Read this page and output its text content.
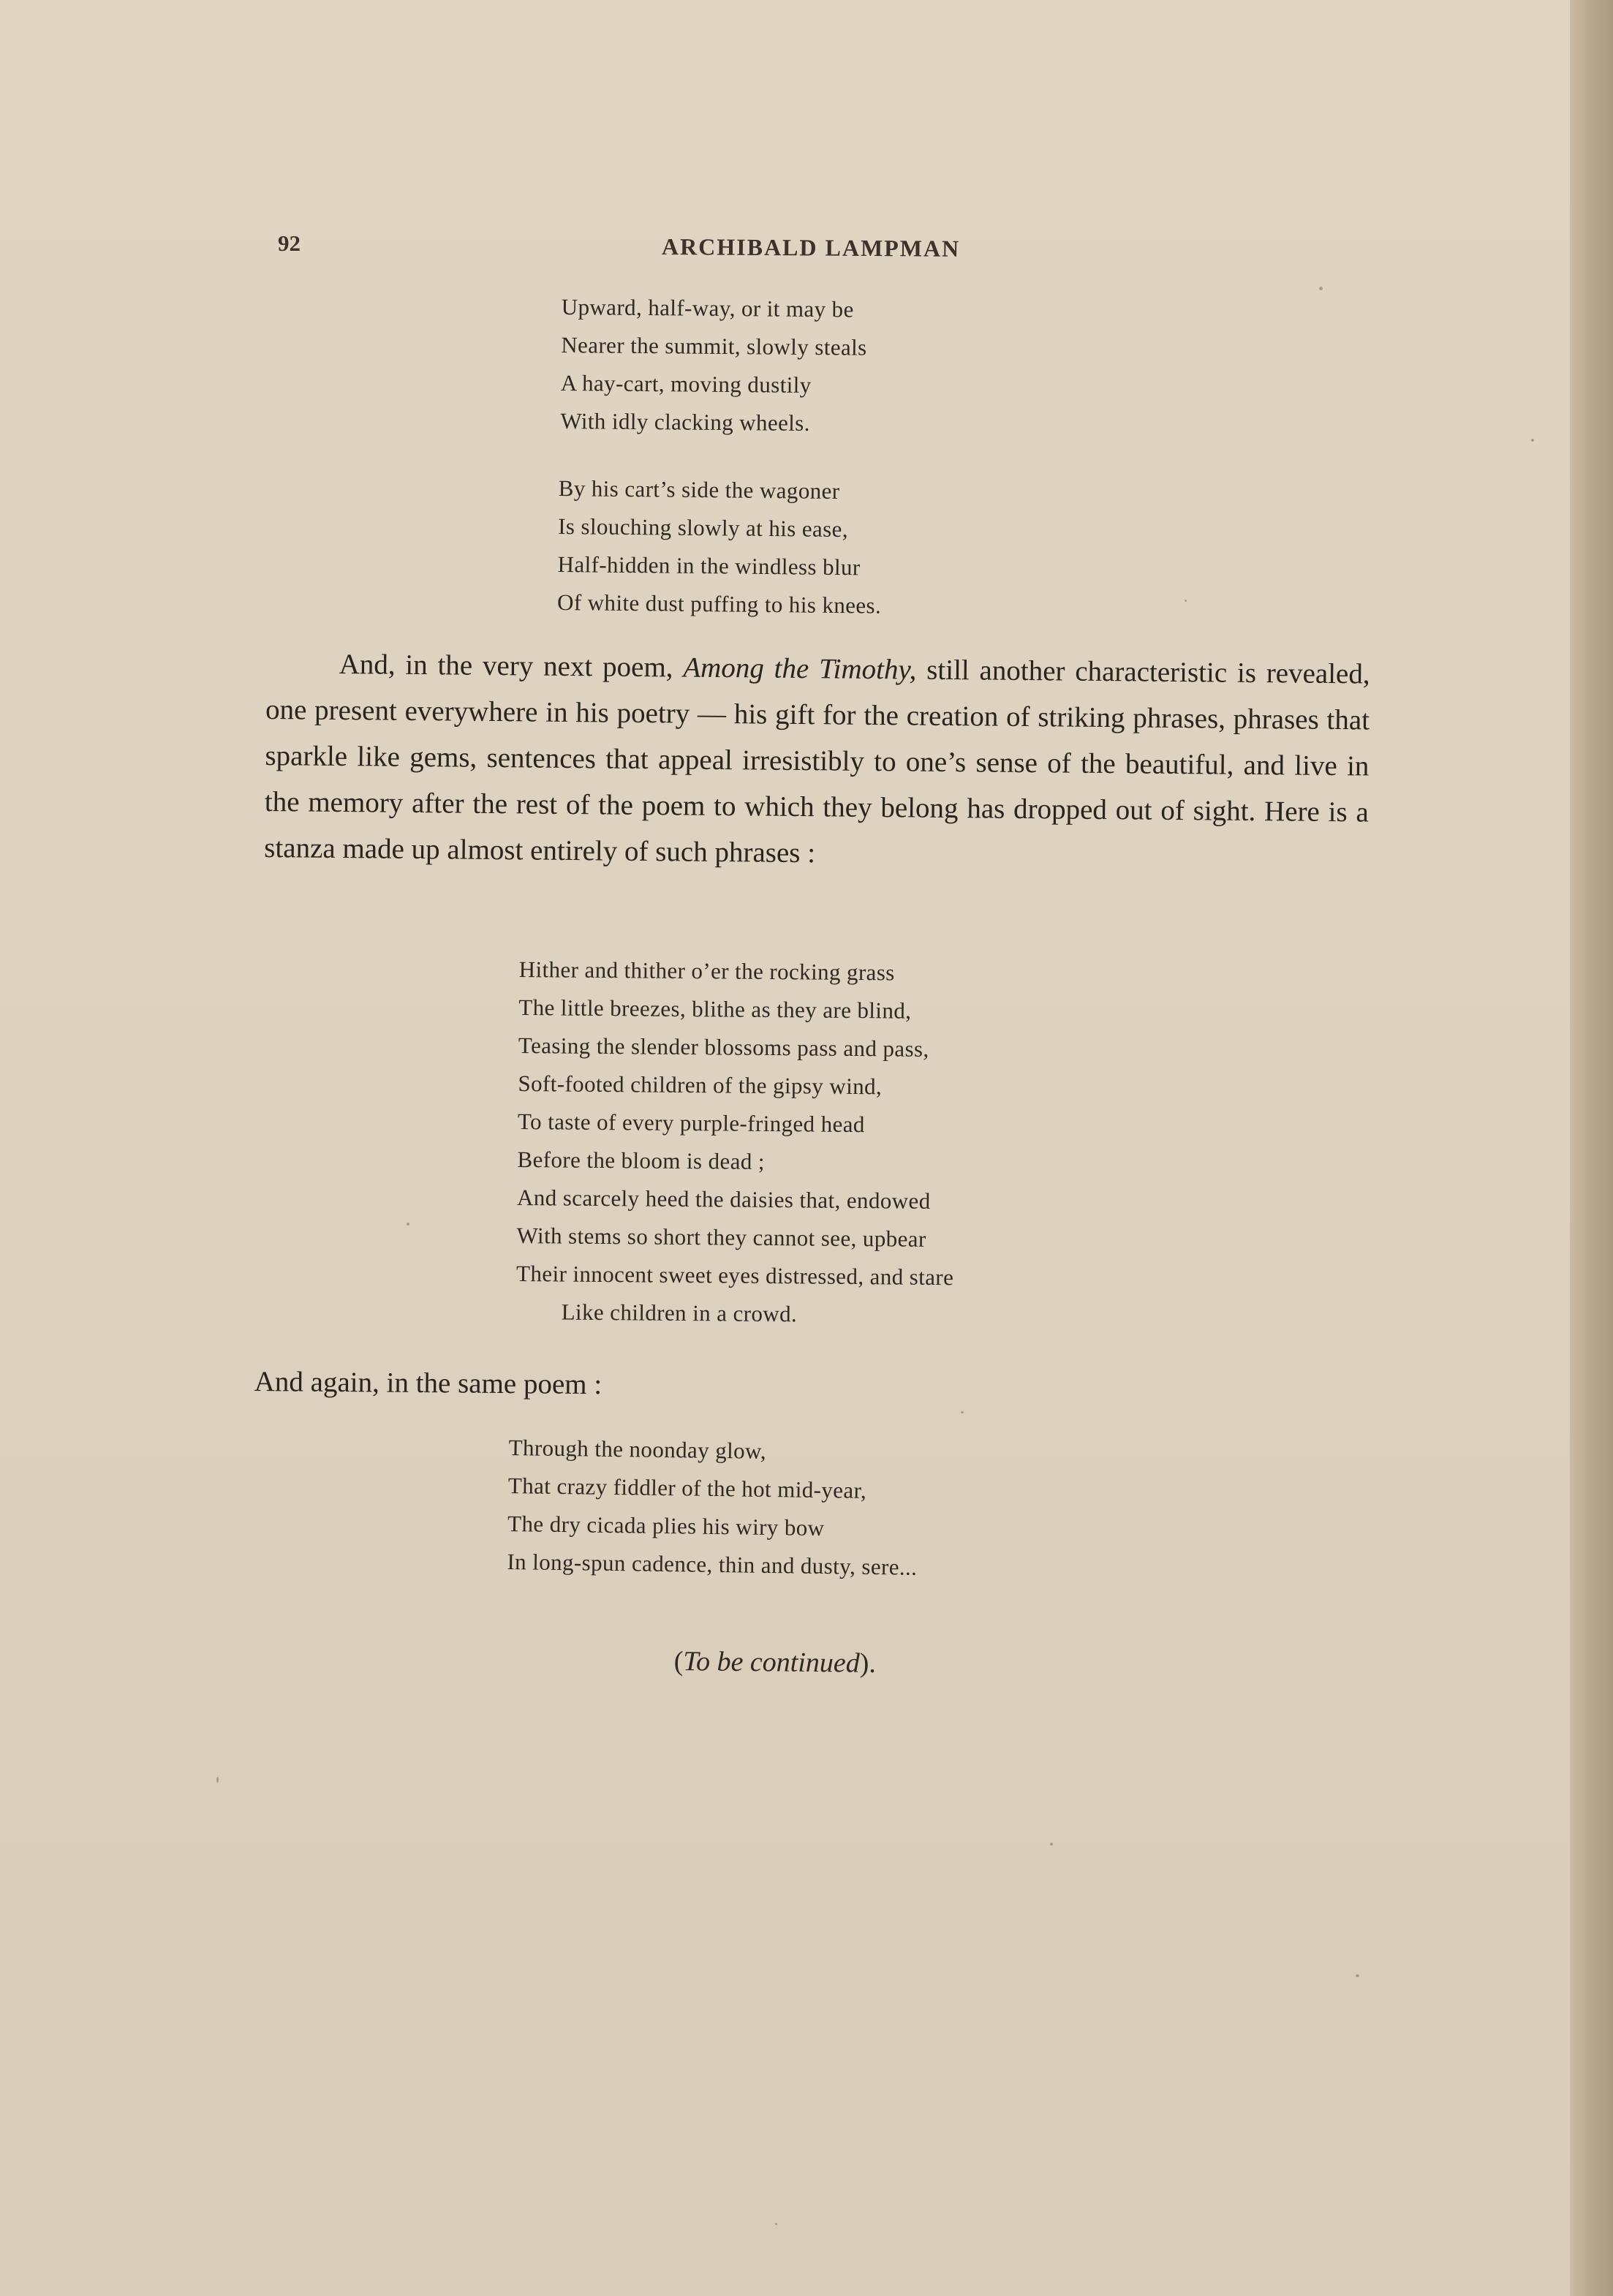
92	ARCHIBALD LAMPMAN
Upward, half-way, or it may be
Nearer the summit, slowly steals
A hay-cart, moving dustily
With idly clacking wheels.
By his cart’s side the wagoner
Is slouching slowly at his ease,
Half-hidden in the windless blur
Of white dust puffing to his knees.

And, in the very next poem, Among the Timothy, still another characteristic is revealed, one present everywhere in his poetry — his gift for the creation of striking phrases, phrases that sparkle like gems, sentences that appeal irresistibly to one’s sense of the beautiful, and live in the memory after the rest of the poem to which they belong has dropped out of sight. Here is a stanza made up almost entirely of such phrases :

Hither and thither o’er the rocking grass
The little breezes, blithe as they are blind,
Teasing the slender blossoms pass and pass,
Soft-footed children of the gipsy wind,
To taste of every purple-fringed head
Before the bloom is dead ;
And scarcely heed the daisies that, endowed
With stems so short they cannot see, upbear
Their innocent sweet eyes distressed, and stare
Like children in a crowd.
And again, in the same poem :
Through the noonday glow,
That crazy fiddler of the hot mid-year,
The dry cicada plies his wiry bow
In long-spun cadence, thin and dusty, sere...
(To be continued).
